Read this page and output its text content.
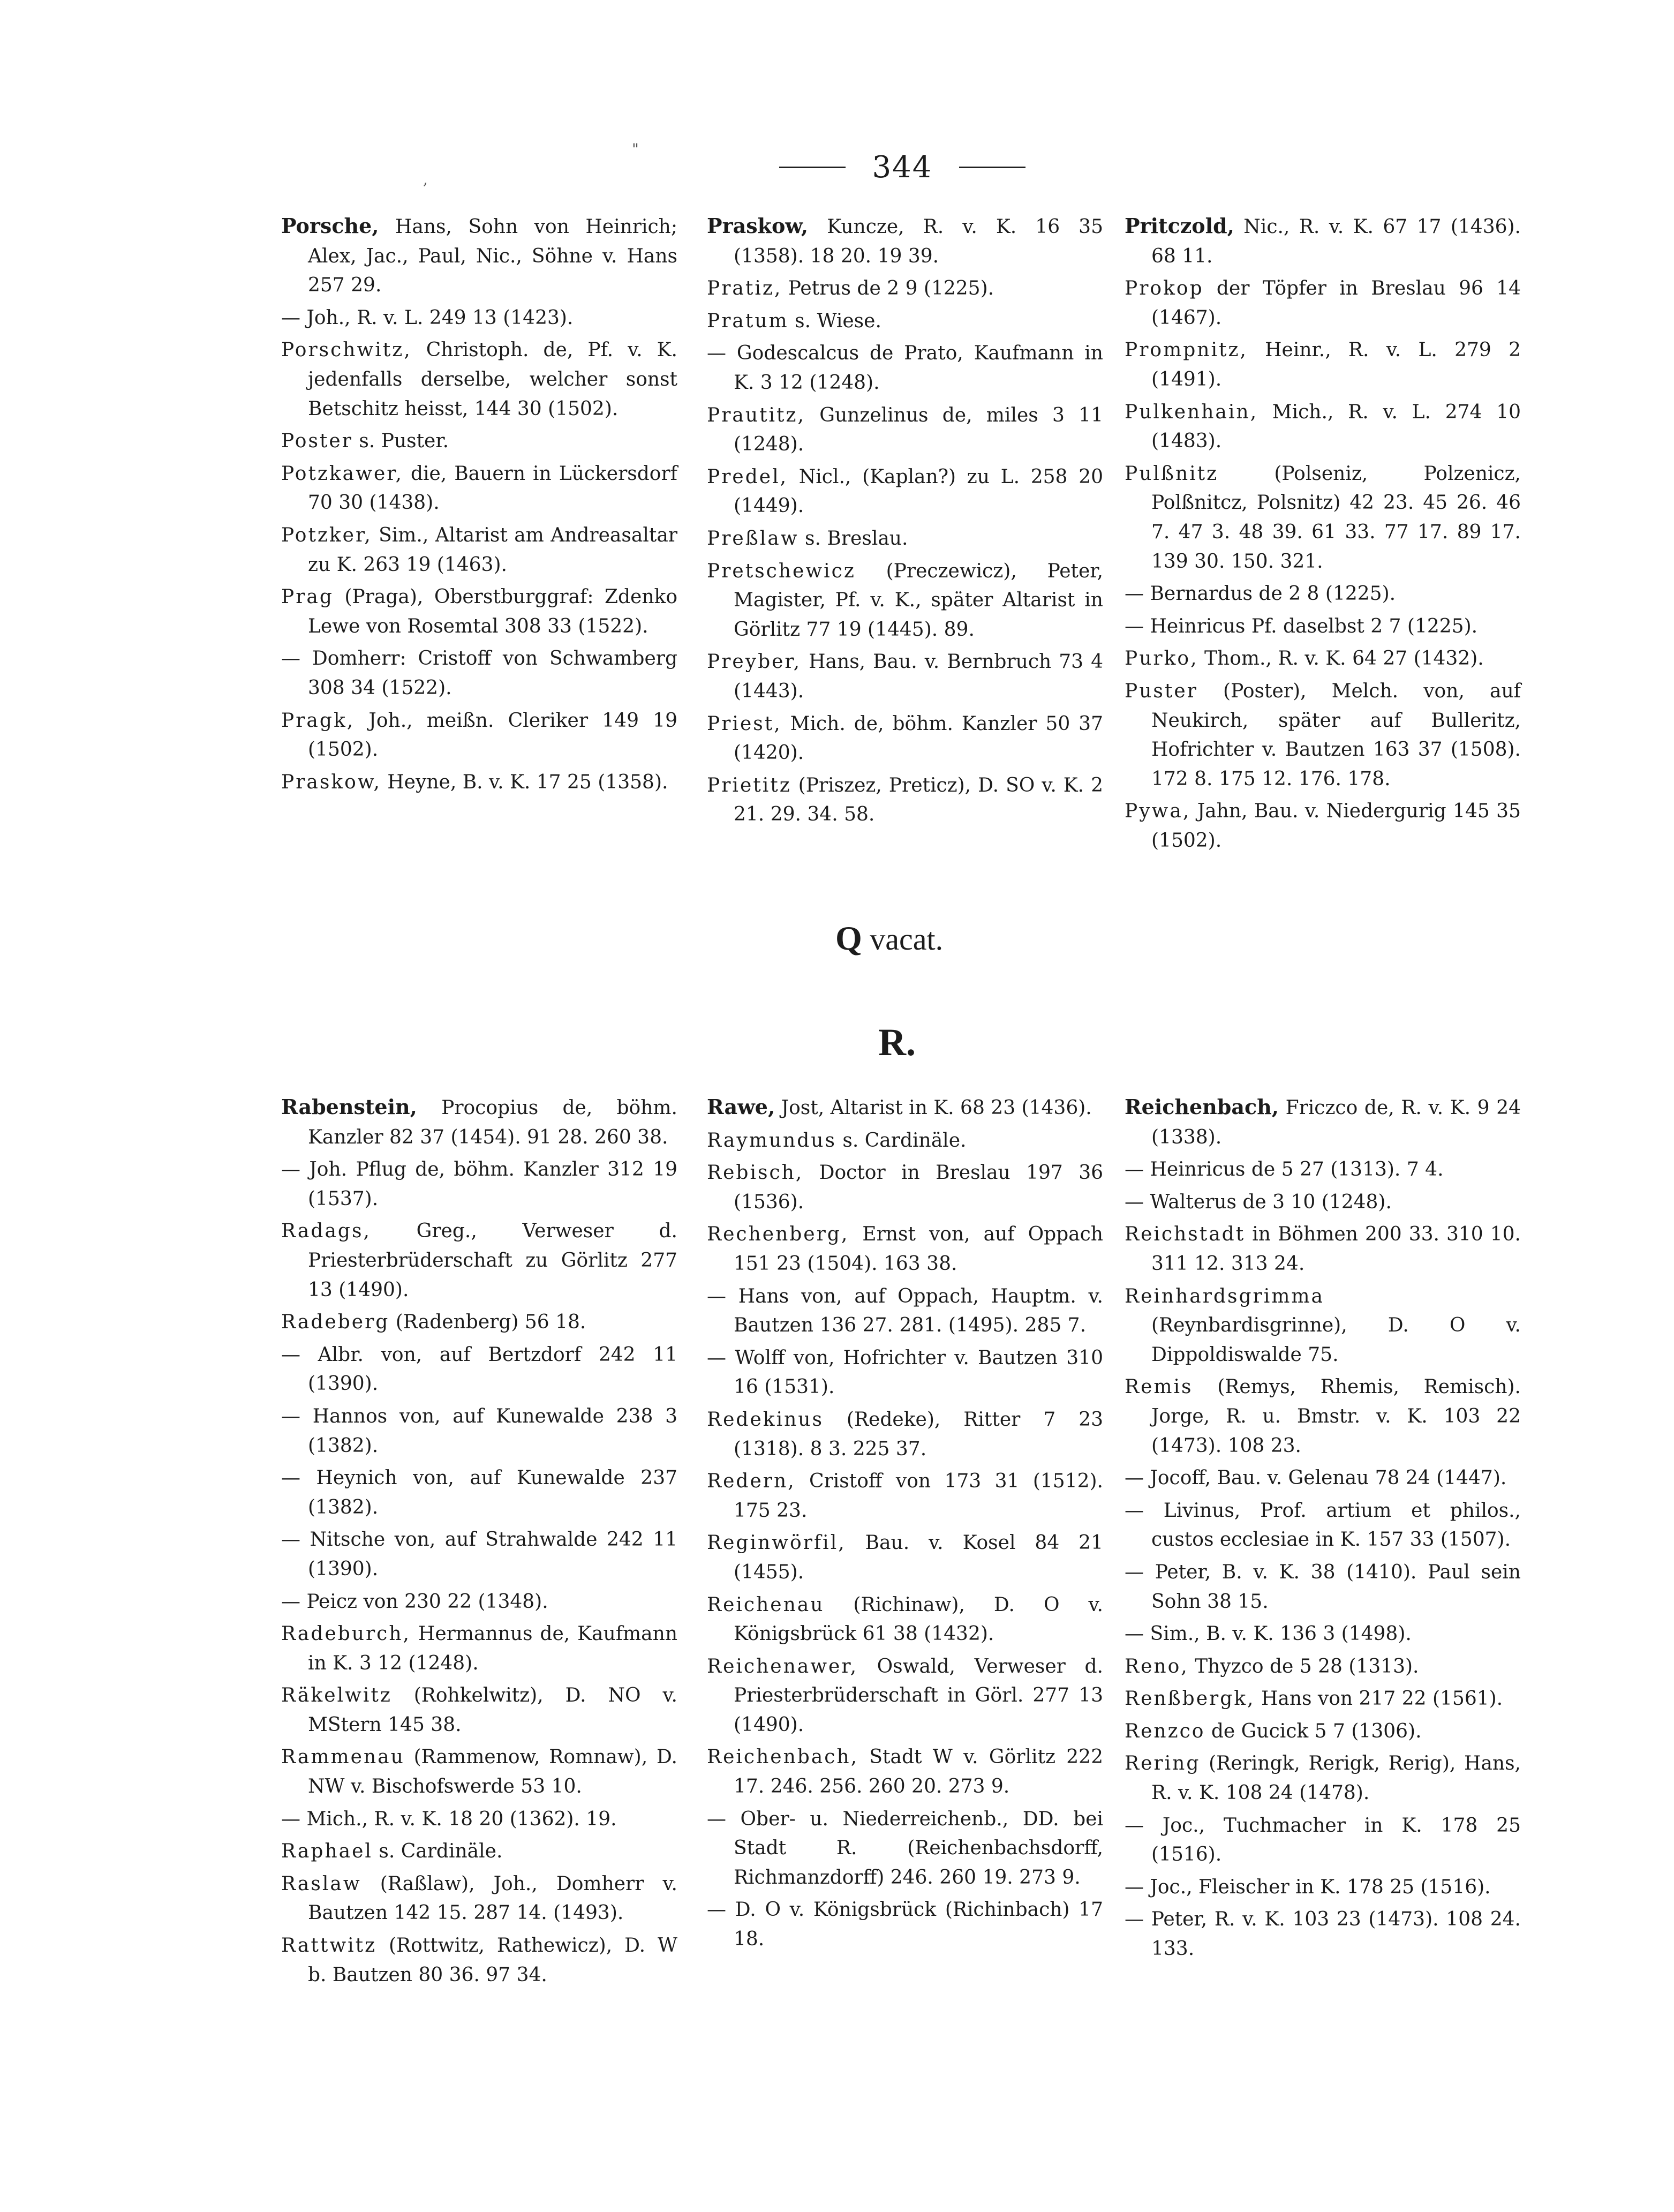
"
,	344

Porsche, Hans, Sohn von Heinrich; Alex, Jac., Paul, Nic., Söhne v. Hans 257 29.

— Joh., R. v. L. 249 13 (1423).

Porschwitz, Christoph. de, Pf. v. K. jedenfalls derselbe, welcher sonst Betschitz heisst, 144 30 (1502).

Poster s. Puster.

Potzkawer, die, Bauern in Lückersdorf 70 30 (1438).

Potzker, Sim., Altarist am Andreasaltar zu K. 263 19 (1463).

Prag (Praga), Oberstburggraf: Zdenko Lewe von Rosemtal 308 33 (1522).

— Domherr: Cristoff von Schwamberg 308 34 (1522).

Pragk, Joh., meißn. Cleriker 149 19 (1502).

Praskow, Heyne, B. v. K. 17 25 (1358).

Praskow, Kuncze, R. v. K. 16 35 (1358). 18 20. 19 39.

Pratiz, Petrus de 2 9 (1225).

Pratum s. Wiese.

— Godescalcus de Prato, Kaufmann in K. 3 12 (1248).

Prautitz, Gunzelinus de, miles 3 11 (1248).

Predel, Nicl., (Kaplan?) zu L. 258 20 (1449).

Preßlaw s. Breslau.

Pretschewicz (Preczewicz), Peter, Magister, Pf. v. K., später Altarist in Görlitz 77 19 (1445). 89.

Preyber, Hans, Bau. v. Bernbruch 73 4 (1443).

Priest, Mich. de, böhm. Kanzler 50 37 (1420).

Prietitz (Priszez, Preticz), D. SO v. K. 2 21. 29. 34. 58.

Pritczold, Nic., R. v. K. 67 17 (1436). 68 11.

Prokop der Töpfer in Breslau 96 14 (1467).

Prompnitz, Heinr., R. v. L. 279 2 (1491).

Pulkenhain, Mich., R. v. L. 274 10 (1483).

Pulßnitz (Polseniz, Polzenicz, Polßnitcz, Polsnitz) 42 23. 45 26. 46 7. 47 3. 48 39. 61 33. 77 17. 89 17. 139 30. 150. 321.

— Bernardus de 2 8 (1225).

— Heinricus Pf. daselbst 2 7 (1225).

Purko, Thom., R. v. K. 64 27 (1432).

Puster (Poster), Melch. von, auf Neukirch, später auf Bulleritz, Hofrichter v. Bautzen 163 37 (1508). 172 8. 175 12. 176. 178.

Pywa, Jahn, Bau. v. Niedergurig 145 35 (1502).

Q vacat.
R.

Rabenstein, Procopius de, böhm. Kanzler 82 37 (1454). 91 28. 260 38.

— Joh. Pflug de, böhm. Kanzler 312 19 (1537).

Radags, Greg., Verweser d. Priesterbrüderschaft zu Görlitz 277 13 (1490).

Radeberg (Radenberg) 56 18.

— Albr. von, auf Bertzdorf 242 11 (1390).

— Hannos von, auf Kunewalde 238 3 (1382).

— Heynich von, auf Kunewalde 237 (1382).

— Nitsche von, auf Strahwalde 242 11 (1390).

— Peicz von 230 22 (1348).

Radeburch, Hermannus de, Kaufmann in K. 3 12 (1248).

Räkelwitz (Rohkelwitz), D. NO v. MStern 145 38.

Rammenau (Rammenow, Romnaw), D. NW v. Bischofswerde 53 10.

— Mich., R. v. K. 18 20 (1362). 19.

Raphael s. Cardinäle.

Raslaw (Raßlaw), Joh., Domherr v. Bautzen 142 15. 287 14. (1493).

Rattwitz (Rottwitz, Rathewicz), D. W b. Bautzen 80 36. 97 34.

Rawe, Jost, Altarist in K. 68 23 (1436).

Raymundus s. Cardinäle.

Rebisch, Doctor in Breslau 197 36 (1536).

Rechenberg, Ernst von, auf Oppach 151 23 (1504). 163 38.

— Hans von, auf Oppach, Hauptm. v. Bautzen 136 27. 281. (1495). 285 7.

— Wolff von, Hofrichter v. Bautzen 310 16 (1531).

Redekinus (Redeke), Ritter 7 23 (1318). 8 3. 225 37.

Redern, Cristoff von 173 31 (1512). 175 23.

Reginwörfil, Bau. v. Kosel 84 21 (1455).

Reichenau (Richinaw), D. O v. Königsbrück 61 38 (1432).

Reichenawer, Oswald, Verweser d. Priesterbrüderschaft in Görl. 277 13 (1490).

Reichenbach, Stadt W v. Görlitz 222 17. 246. 256. 260 20. 273 9.

— Ober- u. Niederreichenb., DD. bei Stadt R. (Reichenbachsdorff, Richmanzdorff) 246. 260 19. 273 9.

— D. O v. Königsbrück (Richinbach) 17 18.

Reichenbach, Friczco de, R. v. K. 9 24 (1338).

— Heinricus de 5 27 (1313). 7 4.

— Walterus de 3 10 (1248).

Reichstadt in Böhmen 200 33. 310 10. 311 12. 313 24.

Reinhardsgrimma (Reynbardisgrinne), D. O v. Dippoldiswalde 75.

Remis (Remys, Rhemis, Remisch). Jorge, R. u. Bmstr. v. K. 103 22 (1473). 108 23.

— Jocoff, Bau. v. Gelenau 78 24 (1447).

— Livinus, Prof. artium et philos., custos ecclesiae in K. 157 33 (1507).

— Peter, B. v. K. 38 (1410). Paul sein Sohn 38 15.

— Sim., B. v. K. 136 3 (1498).

Reno, Thyzco de 5 28 (1313).

Renßbergk, Hans von 217 22 (1561).

Renzco de Gucick 5 7 (1306).

Rering (Reringk, Rerigk, Rerig), Hans, R. v. K. 108 24 (1478).

— Joc., Tuchmacher in K. 178 25 (1516).

— Joc., Fleischer in K. 178 25 (1516).

— Peter, R. v. K. 103 23 (1473). 108 24. 133.
